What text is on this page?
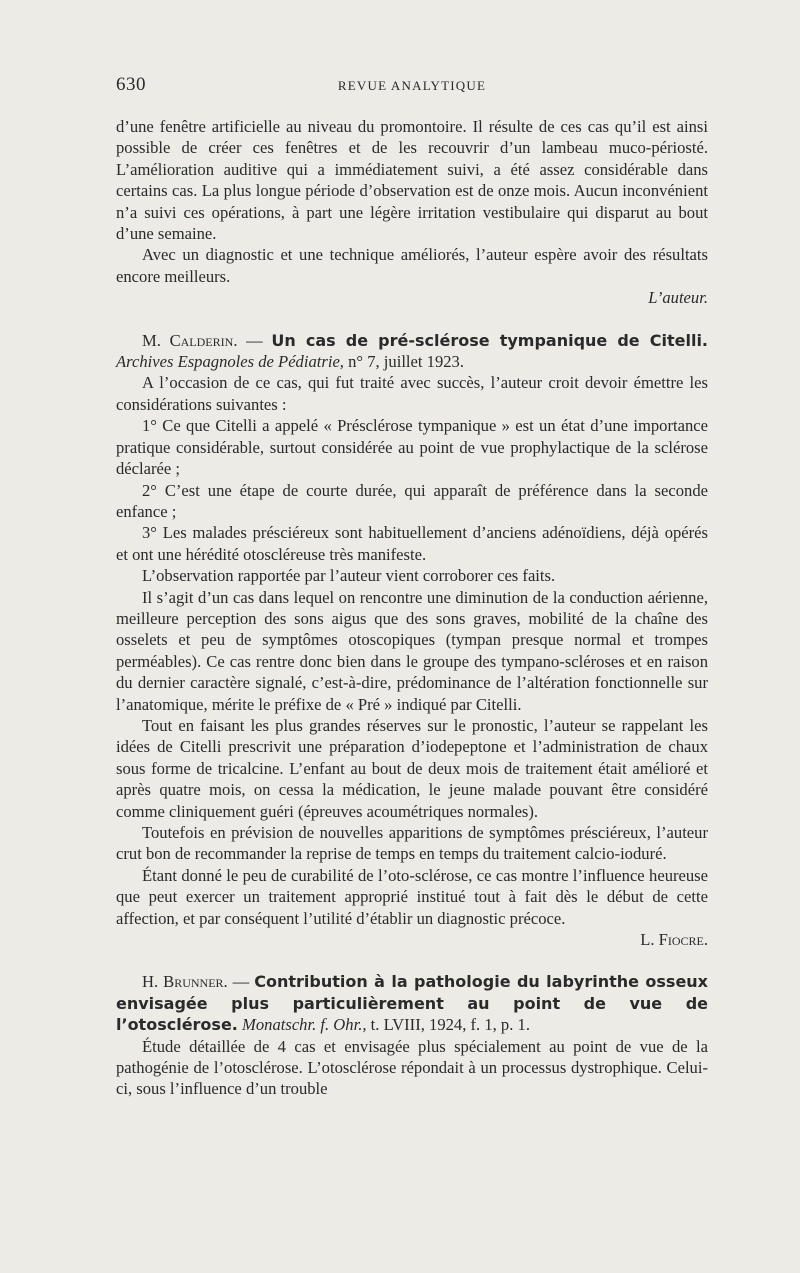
630	REVUE ANALYTIQUE

d’une fenêtre artificielle au niveau du promontoire. Il résulte de ces cas qu’il est ainsi possible de créer ces fenêtres et de les recouvrir d’un lambeau muco-périosté. L’amélioration auditive qui a immédiatement suivi, a été assez considérable dans certains cas. La plus longue période d’observation est de onze mois. Aucun inconvénient n’a suivi ces opérations, à part une légère irritation vestibulaire qui disparut au bout d’une semaine.

Avec un diagnostic et une technique améliorés, l’auteur espère avoir des résultats encore meilleurs.

L’auteur.

M. Calderin. — Un cas de pré-sclérose tympanique de Citelli. Archives Espagnoles de Pédiatrie, n° 7, juillet 1923.

A l’occasion de ce cas, qui fut traité avec succès, l’auteur croit devoir émettre les considérations suivantes :

1° Ce que Citelli a appelé « Présclérose tympanique » est un état d’une importance pratique considérable, surtout considérée au point de vue prophylactique de la sclérose déclarée ;

2° C’est une étape de courte durée, qui apparaît de préférence dans la seconde enfance ;

3° Les malades présciéreux sont habituellement d’anciens adénoïdiens, déjà opérés et ont une hérédité otoscléreuse très manifeste.

L’observation rapportée par l’auteur vient corroborer ces faits.

Il s’agit d’un cas dans lequel on rencontre une diminution de la conduction aérienne, meilleure perception des sons aigus que des sons graves, mobilité de la chaîne des osselets et peu de symptômes otoscopiques (tympan presque normal et trompes perméables). Ce cas rentre donc bien dans le groupe des tympano-scléroses et en raison du dernier caractère signalé, c’est-à-dire, prédominance de l’altération fonctionnelle sur l’anatomique, mérite le préfixe de « Pré » indiqué par Citelli.

Tout en faisant les plus grandes réserves sur le pronostic, l’auteur se rappelant les idées de Citelli prescrivit une préparation d’iodepeptone et l’administration de chaux sous forme de tricalcine. L’enfant au bout de deux mois de traitement était amélioré et après quatre mois, on cessa la médication, le jeune malade pouvant être considéré comme cliniquement guéri (épreuves acoumétriques normales).

Toutefois en prévision de nouvelles apparitions de symptômes présciéreux, l’auteur crut bon de recommander la reprise de temps en temps du traitement calcio-ioduré.

Étant donné le peu de curabilité de l’oto-sclérose, ce cas montre l’influence heureuse que peut exercer un traitement approprié institué tout à fait dès le début de cette affection, et par conséquent l’utilité d’établir un diagnostic précoce.

L. Fiocre.

H. Brunner. — Contribution à la pathologie du labyrinthe osseux envisagée plus particulièrement au point de vue de l’otosclérose. Monatschr. f. Ohr., t. LVIII, 1924, f. 1, p. 1.

Étude détaillée de 4 cas et envisagée plus spécialement au point de vue de la pathogénie de l’otosclérose. L’otosclérose répondait à un processus dystrophique. Celui-ci, sous l’influence d’un trouble
